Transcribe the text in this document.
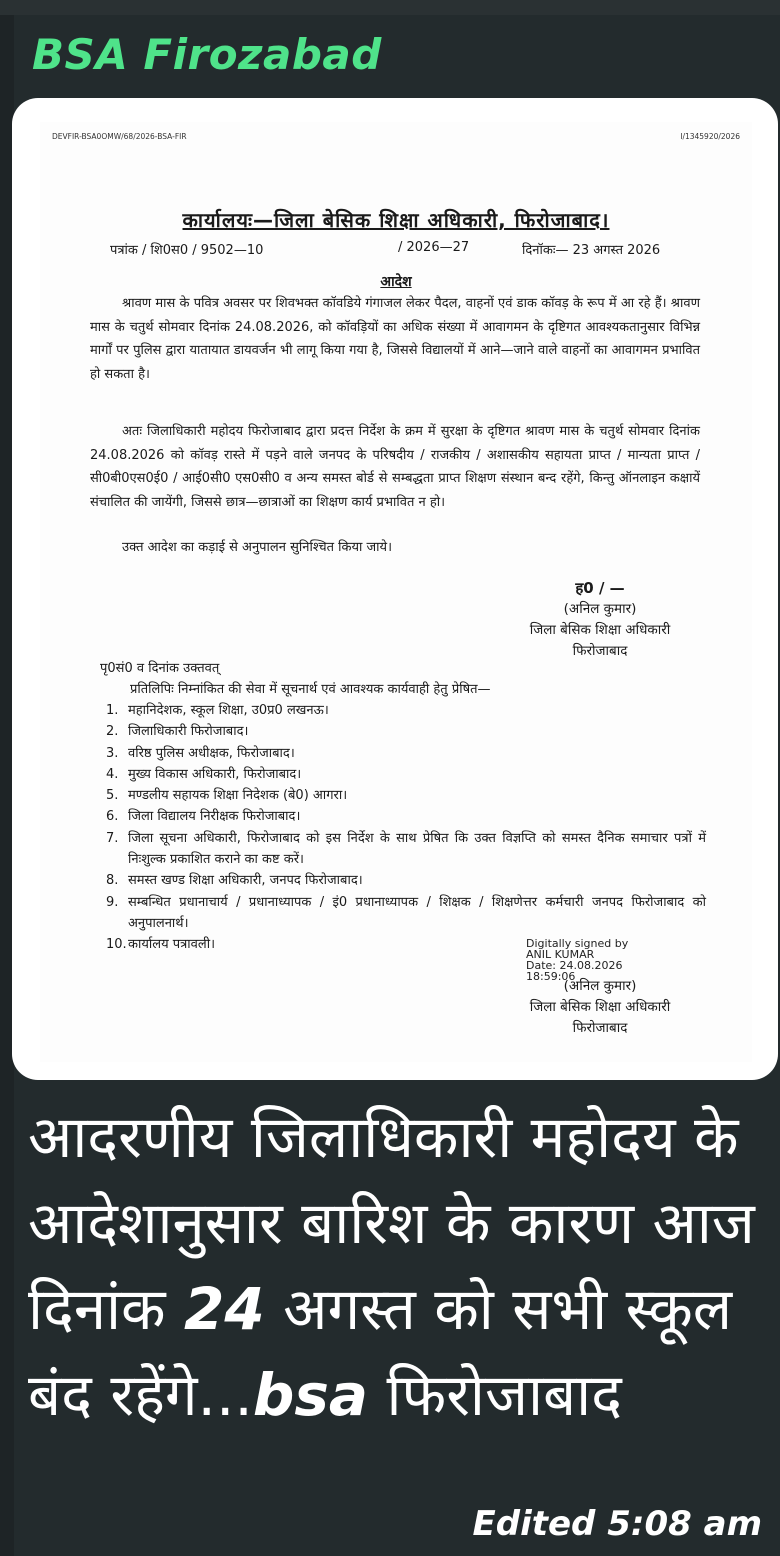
BSA Firozabad
DEVFIR-BSA0OMW/68/2026-BSA-FIR	I/1345920/2026
कार्यालयः—जिला बेसिक शिक्षा अधिकारी, फिरोजाबाद।
पत्रांक / शि0स0 / 9502—10	/ 2026—27	दिनॉकः— 23 अगस्त 2026
आदेश
श्रावण मास के पवित्र अवसर पर शिवभक्त कॉवडिये गंगाजल लेकर पैदल, वाहनों एवं डाक कॉवड़ के रूप में आ रहे हैं। श्रावण मास के चतुर्थ सोमवार दिनांक 24.08.2026, को कॉवड़ियों का अधिक संख्या में आवागमन के दृष्टिगत आवश्यकतानुसार विभिन्न मार्गों पर पुलिस द्वारा यातायात डायवर्जन भी लागू किया गया है, जिससे विद्यालयों में आने—जाने वाले वाहनों का आवागमन प्रभावित हो सकता है।
अतः जिलाधिकारी महोदय फिरोजाबाद द्वारा प्रदत्त निर्देश के क्रम में सुरक्षा के दृष्टिगत श्रावण मास के चतुर्थ सोमवार दिनांक 24.08.2026 को कॉवड़ रास्ते में पड़ने वाले जनपद के परिषदीय / राजकीय / अशासकीय सहायता प्राप्त / मान्यता प्राप्त / सी0बी0एस0ई0 / आई0सी0 एस0सी0 व अन्य समस्त बोर्ड से सम्बद्धता प्राप्त शिक्षण संस्थान बन्द रहेंगे, किन्तु ऑनलाइन कक्षायें संचालित की जायेंगी, जिससे छात्र—छात्राओं का शिक्षण कार्य प्रभावित न हो।
उक्त आदेश का कड़ाई से अनुपालन सुनिश्चित किया जाये।
ह0 / —
(अनिल कुमार)
जिला बेसिक शिक्षा अधिकारी
फिरोजाबाद
पृ0सं0 व दिनांक उक्तवत्
प्रतिलिपिः निम्नांकित की सेवा में सूचनार्थ एवं आवश्यक कार्यवाही हेतु प्रेषित—
1. महानिदेशक, स्कूल शिक्षा, उ0प्र0 लखनऊ।
2. जिलाधिकारी फिरोजाबाद।
3. वरिष्ठ पुलिस अधीक्षक, फिरोजाबाद।
4. मुख्य विकास अधिकारी, फिरोजाबाद।
5. मण्डलीय सहायक शिक्षा निदेशक (बे0) आगरा।
6. जिला विद्यालय निरीक्षक फिरोजाबाद।
7. जिला सूचना अधिकारी, फिरोजाबाद को इस निर्देश के साथ प्रेषित कि उक्त विज्ञप्ति को समस्त दैनिक समाचार पत्रों में निःशुल्क प्रकाशित कराने का कष्ट करें।
8. समस्त खण्ड शिक्षा अधिकारी, जनपद फिरोजाबाद।
9. सम्बन्धित प्रधानाचार्य / प्रधानाध्यापक / इं0 प्रधानाध्यापक / शिक्षक / शिक्षणेत्तर कर्मचारी जनपद फिरोजाबाद को अनुपालनार्थ।
10.कार्यालय पत्रावली।	Digitally signed by
ANIL KUMAR
Date: 24.08.2026
18:59:06
(अनिल कुमार)
जिला बेसिक शिक्षा अधिकारी
फिरोजाबाद
आदरणीय जिलाधिकारी महोदय के आदेशानुसार बारिश के कारण आज दिनांक 24 अगस्त को सभी स्कूल बंद रहेंगे...bsa फिरोजाबाद
Edited 5:08 am
